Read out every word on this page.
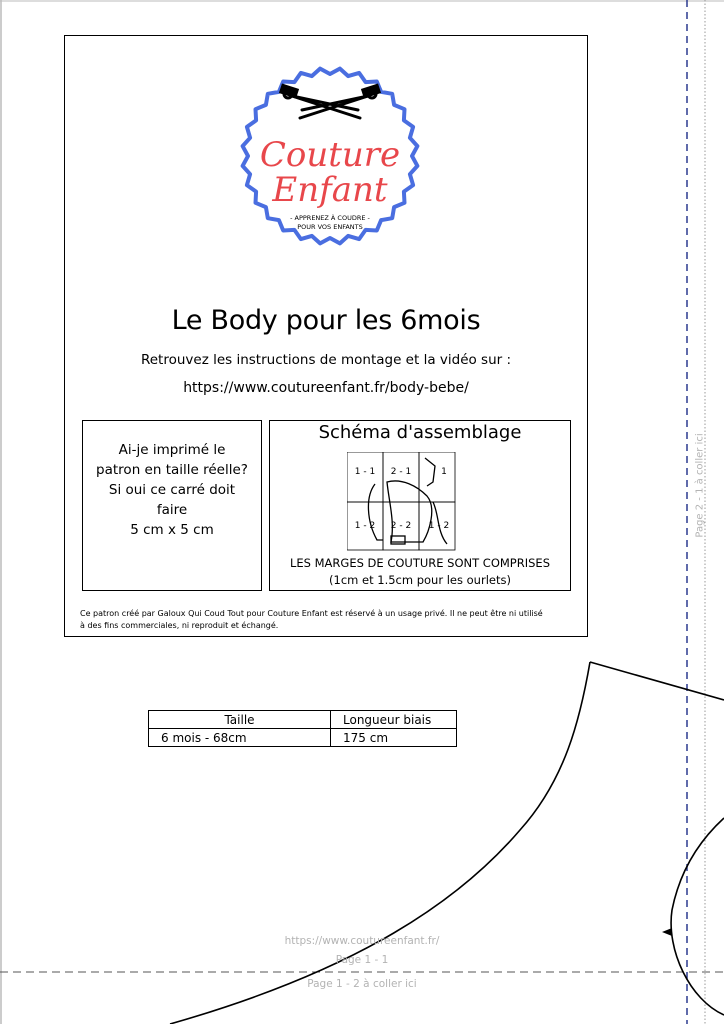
Couture
Enfant
- APPRENEZ À COUDRE -
POUR VOS ENFANTS
Le Body pour les 6mois
Retrouvez les instructions de montage et la vidéo sur :
https://www.coutureenfant.fr/body-bebe/
Ai-je imprimé le
patron en taille réelle?
Si oui ce carré doit
faire
5 cm x 5 cm
Schéma d'assemblage
1 - 1 2 - 1	1
1 - 2 2 - 2 1 - 2
LES MARGES DE COUTURE SONT COMPRISES
(1cm et 1.5cm pour les ourlets)
Ce patron créé par Galoux Qui Coud Tout pour Couture Enfant est réservé à un usage privé. Il ne peut être ni utilisé
à des fins commerciales, ni reproduit et échangé.
Taille	Longueur biais
6 mois - 68cm	175 cm
https://www.coutureenfant.fr/
Page 1 - 1
Page 1 - 2 à coller ici
Page 2 - 1 à coller ici
